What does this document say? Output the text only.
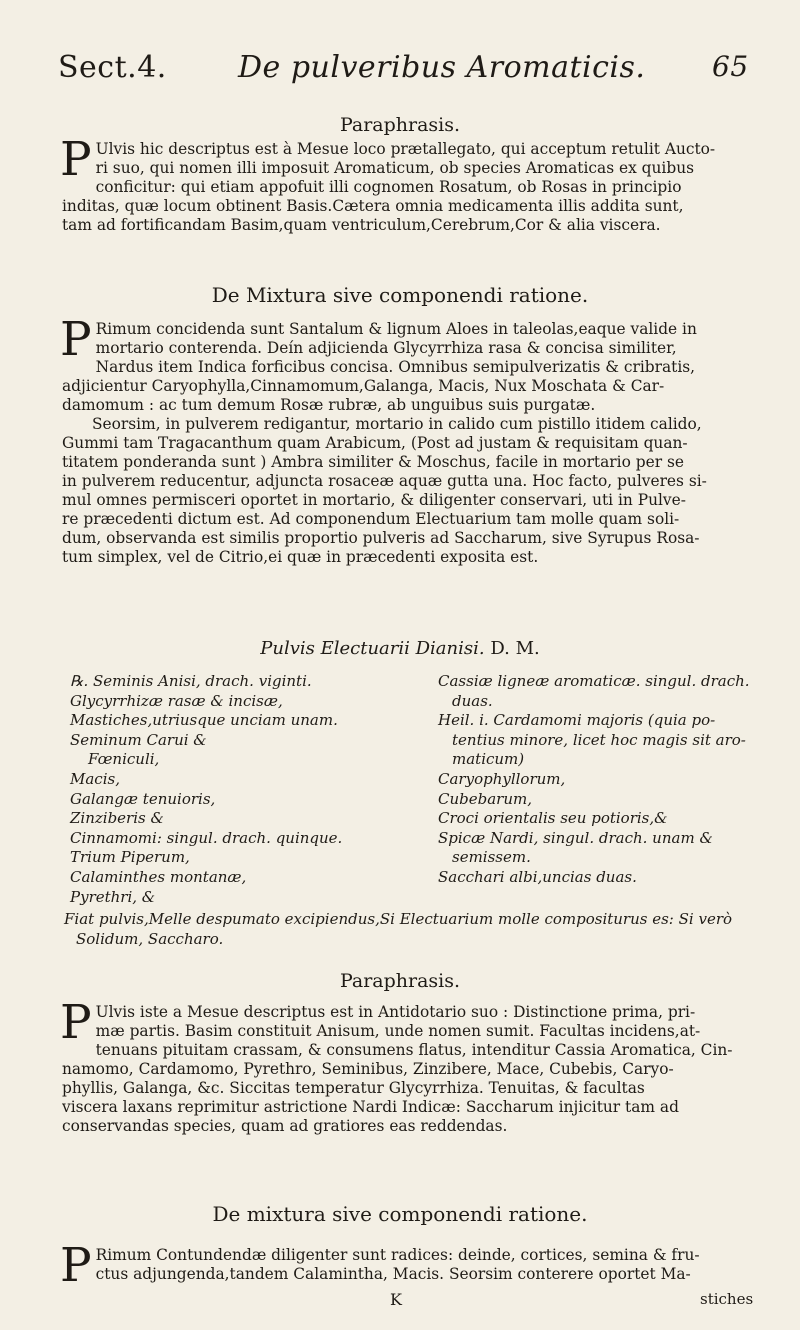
Sect.4. De pulveribus Aromaticis. 65
Paraphrasis.
P Ulvis hic descriptus est à Mesue loco prætallegato, qui acceptum retulit Aucto-
ri suo, qui nomen illi imposuit Aromaticum, ob species Aromaticas ex quibus
conficitur: qui etiam appofuit illi cognomen Rosatum, ob Rosas in principio
inditas, quæ locum obtinent Basis.Cætera omnia medicamenta illis addita sunt,
tam ad fortificandam Basim,quam ventriculum,Cerebrum,Cor & alia viscera.
De Mixtura sive componendi ratione.
P Rimum concidenda sunt Santalum & lignum Aloes in taleolas,eaque valide in
mortario conterenda. Deín adjicienda Glycyrrhiza rasa & concisa similiter,
Nardus item Indica forficibus concisa. Omnibus semipulverizatis & cribratis,
adjicientur Caryophylla,Cinnamomum,Galanga, Macis, Nux Moschata & Car-
damomum : ac tum demum Rosæ rubræ, ab unguibus suis purgatæ.
Seorsim, in pulverem redigantur, mortario in calido cum pistillo itidem calido,
Gummi tam Tragacanthum quam Arabicum, (Post ad justam & requisitam quan-
titatem ponderanda sunt ) Ambra similiter & Moschus, facile in mortario per se
in pulverem reducentur, adjuncta rosaceæ aquæ gutta una. Hoc facto, pulveres si-
mul omnes permisceri oportet in mortario, & diligenter conservari, uti in Pulve-
re præcedenti dictum est. Ad componendum Electuarium tam molle quam soli-
dum, observanda est similis proportio pulveris ad Saccharum, sive Syrupus Rosa-
tum simplex, vel de Citrio,ei quæ in præcedenti exposita est.
Pulvis Electuarii Dianisi. D. M.
℞. Seminis Anisi, drach. viginti.
Glycyrrhizæ rasæ & incisæ,
Mastiches,utriusque unciam unam.
Seminum Carui &
Fœniculi,
Macis,
Galangæ tenuioris,
Zinziberis &
Cinnamomi: singul. drach. quinque.
Trium Piperum,
Calaminthes montanæ,
Pyrethri, &
Cassiæ ligneæ aromaticæ. singul. drach.
duas.
Heil. i. Cardamomi majoris (quia po-
tentius minore, licet hoc magis sit aro-
maticum)
Caryophyllorum,
Cubebarum,
Croci orientalis seu potioris,&
Spicæ Nardi, singul. drach. unam &
semissem.
Sacchari albi,uncias duas.
Fiat pulvis,Melle despumato excipiendus,Si Electuarium molle compositurus es: Si verò
Solidum, Saccharo.
Paraphrasis.
P Ulvis iste a Mesue descriptus est in Antidotario suo : Distinctione prima, pri-
mæ partis. Basim constituit Anisum, unde nomen sumit. Facultas incidens,at-
tenuans pituitam crassam, & consumens flatus, intenditur Cassia Aromatica, Cin-
namomo, Cardamomo, Pyrethro, Seminibus, Zinzibere, Mace, Cubebis, Caryo-
phyllis, Galanga, &c. Siccitas temperatur Glycyrrhiza. Tenuitas, & facultas
viscera laxans reprimitur astrictione Nardi Indicæ: Saccharum injicitur tam ad
conservandas species, quam ad gratiores eas reddendas.
De mixtura sive componendi ratione.
P Rimum Contundendæ diligenter sunt radices: deinde, cortices, semina & fru-
ctus adjungenda,tandem Calamintha, Macis. Seorsim conterere oportet Ma-
K	stiches
